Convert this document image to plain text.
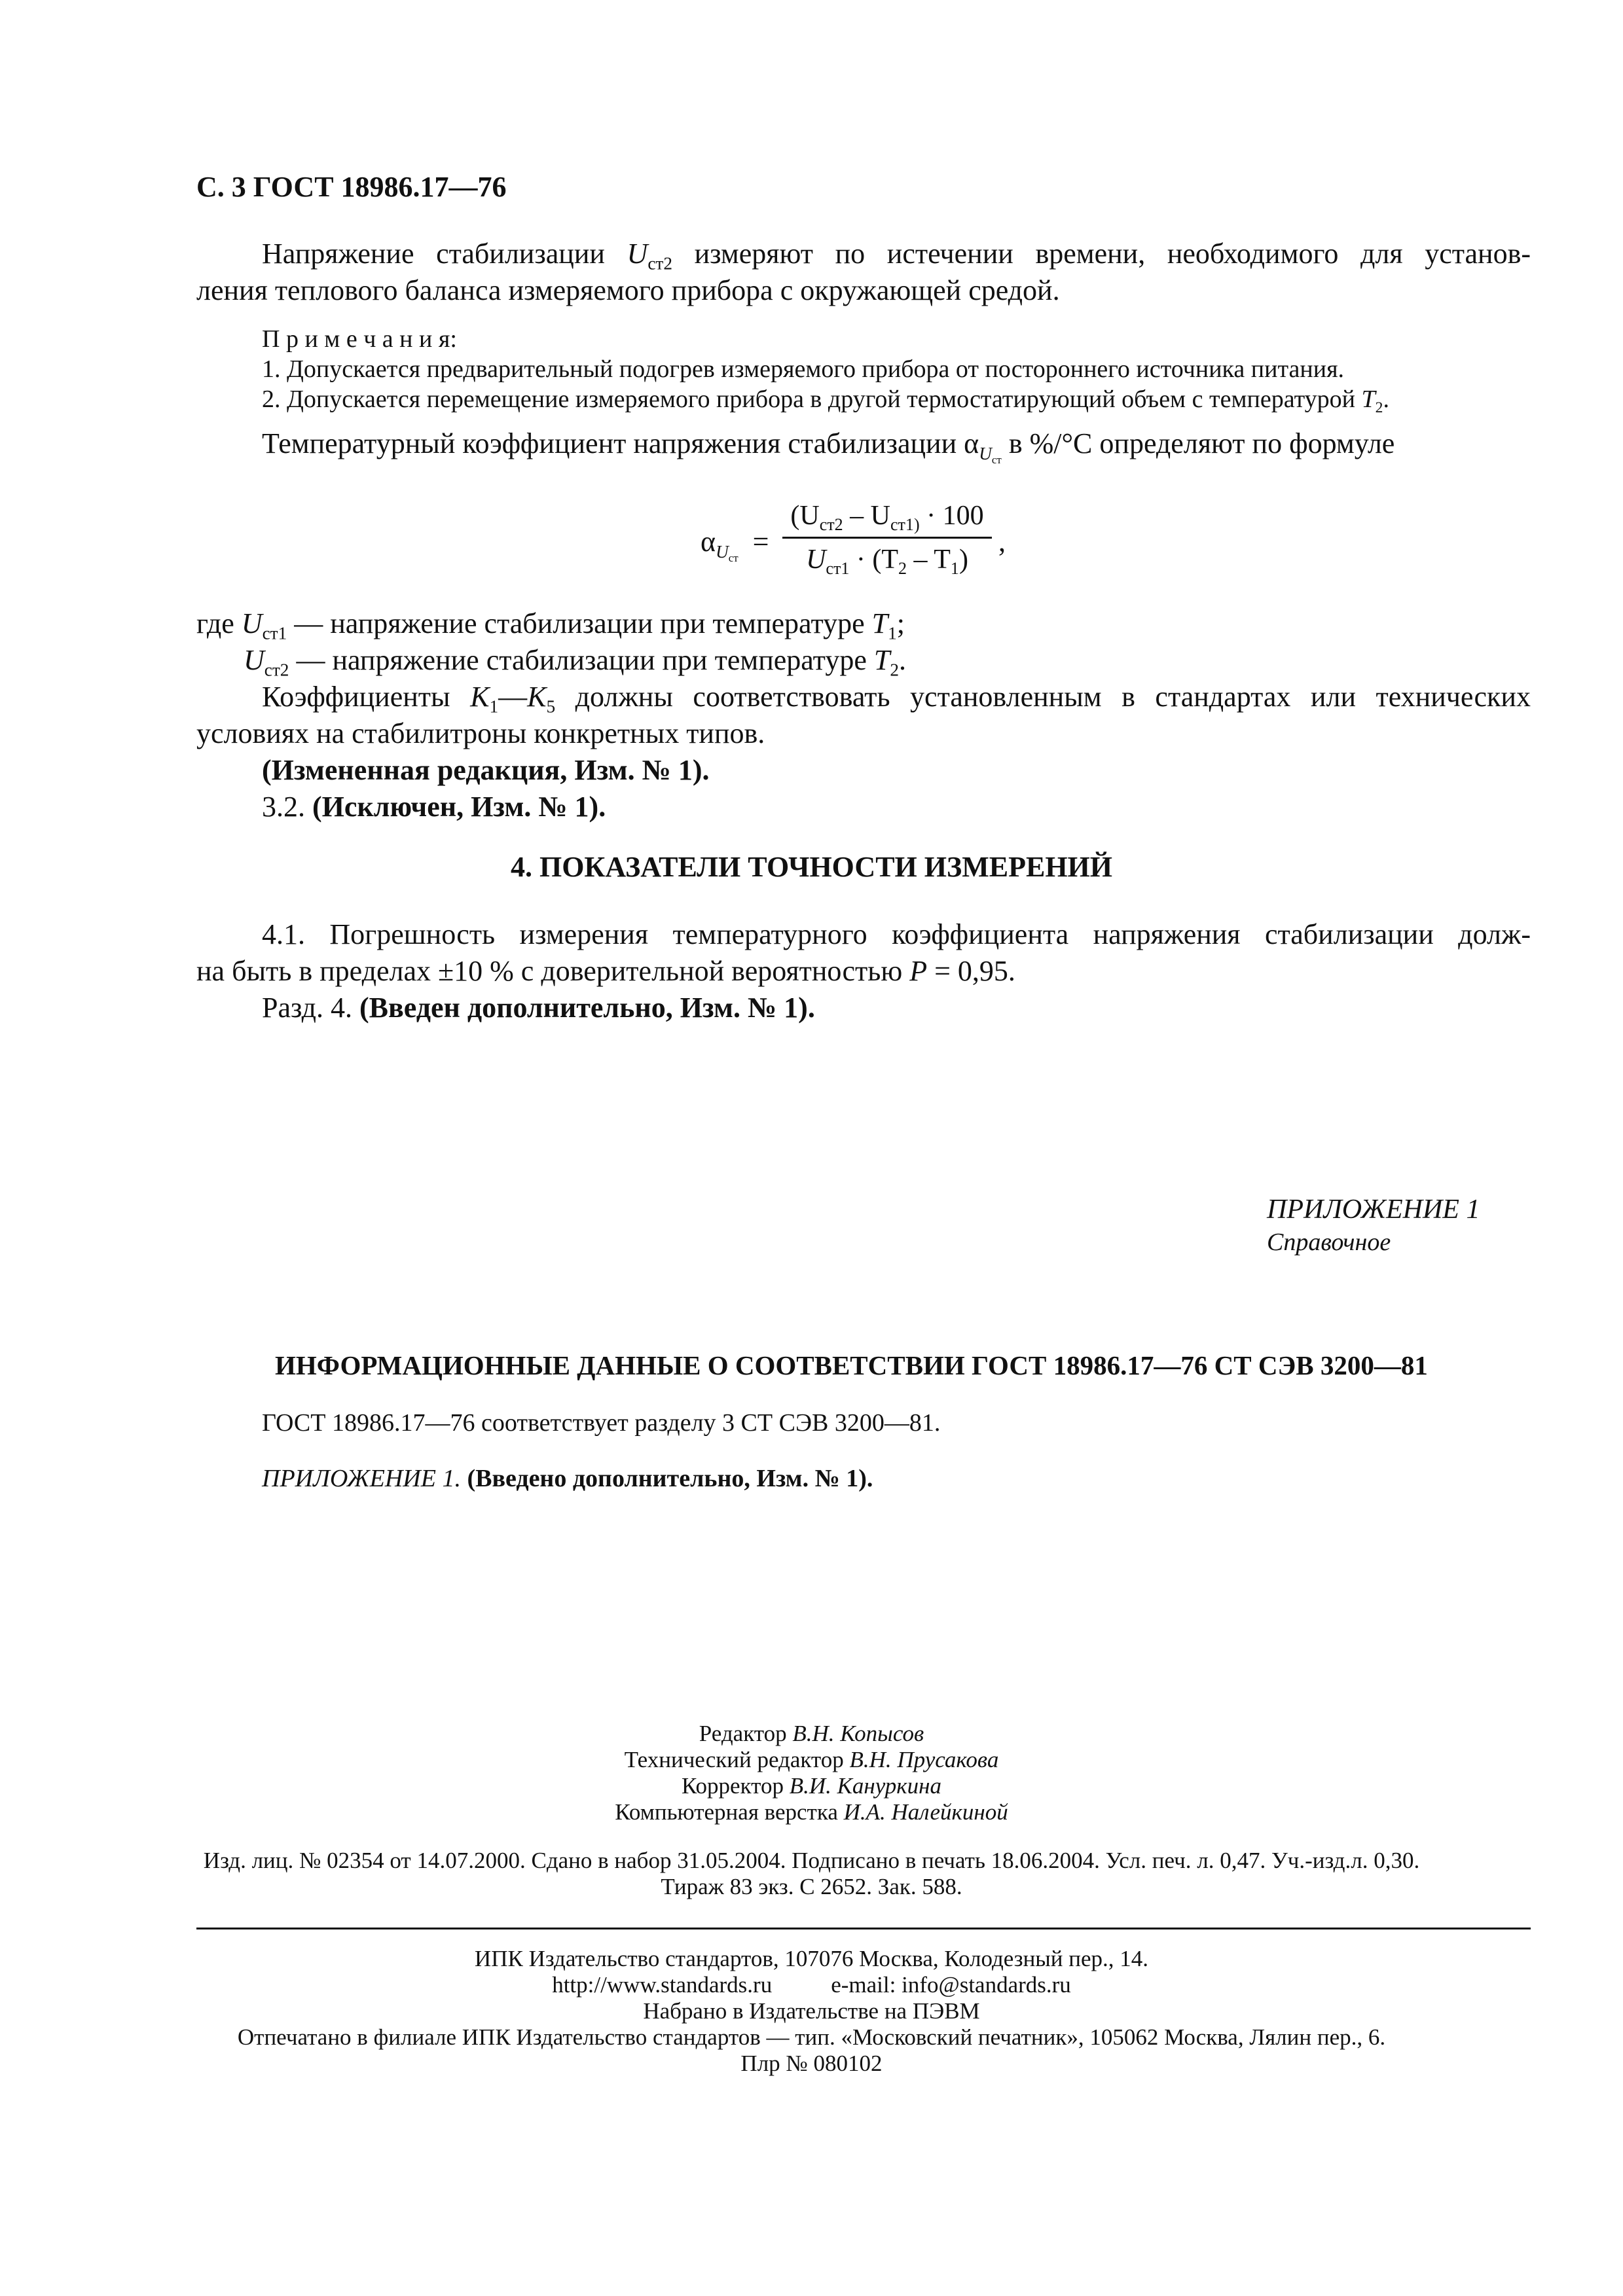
С. 3 ГОСТ 18986.17—76
Напряжение стабилизации $U_{ст2}$ измеряют по истечении времени, необходимого для установ-
ления теплового баланса измеряемого прибора с окружающей средой.
П р и м е ч а н и я:
1. Допускается предварительный подогрев измеряемого прибора от постороннего источника питания.
2. Допускается перемещение измеряемого прибора в другой термостатирующий объем с температурой $T_2$.
Температурный коэффициент напряжения стабилизации $\alpha_{U_{ст}}$ в %/°C определяют по формуле
$\alpha_{U_{ст}}$ =
($U_{ст2} - U_{ст1)} \cdot 100$
$U_{ст1} \cdot (T_2 - T_1)$
,
где $U_{ст1}$ — напряжение стабилизации при температуре $T_1$;
$U_{ст2}$ — напряжение стабилизации при температуре $T_2$.
Коэффициенты $K_1—K_5$ должны соответствовать установленным в стандартах или технических
условиях на стабилитроны конкретных типов.
(Измененная редакция, Изм. № 1).
3.2. (Исключен, Изм. № 1).
4. ПОКАЗАТЕЛИ ТОЧНОСТИ ИЗМЕРЕНИЙ
4.1. Погрешность измерения температурного коэффициента напряжения стабилизации долж-
на быть в пределах ±10 % с доверительной вероятностью P = 0,95.
Разд. 4. (Введен дополнительно, Изм. № 1).
ПРИЛОЖЕНИЕ 1
Справочное
ИНФОРМАЦИОННЫЕ ДАННЫЕ О СООТВЕТСТВИИ ГОСТ 18986.17—76 СТ СЭВ 3200—81
ГОСТ 18986.17—76 соответствует разделу 3 СТ СЭВ 3200—81.
ПРИЛОЖЕНИЕ 1. (Введено дополнительно, Изм. № 1).
Редактор В.Н. Копысов
Технический редактор В.Н. Прусакова
Корректор В.И. Кануркина
Компьютерная верстка И.А. Налейкиной
Изд. лиц. № 02354 от 14.07.2000. Сдано в набор 31.05.2004. Подписано в печать 18.06.2004. Усл. печ. л. 0,47. Уч.-изд.л. 0,30.
Тираж 83 экз. С 2652. Зак. 588.
ИПК Издательство стандартов, 107076 Москва, Колодезный пер., 14.
http://www.standards.ru	e-mail: info@standards.ru
Набрано в Издательстве на ПЭВМ
Отпечатано в филиале ИПК Издательство стандартов — тип. «Московский печатник», 105062 Москва, Лялин пер., 6.
Плр № 080102
